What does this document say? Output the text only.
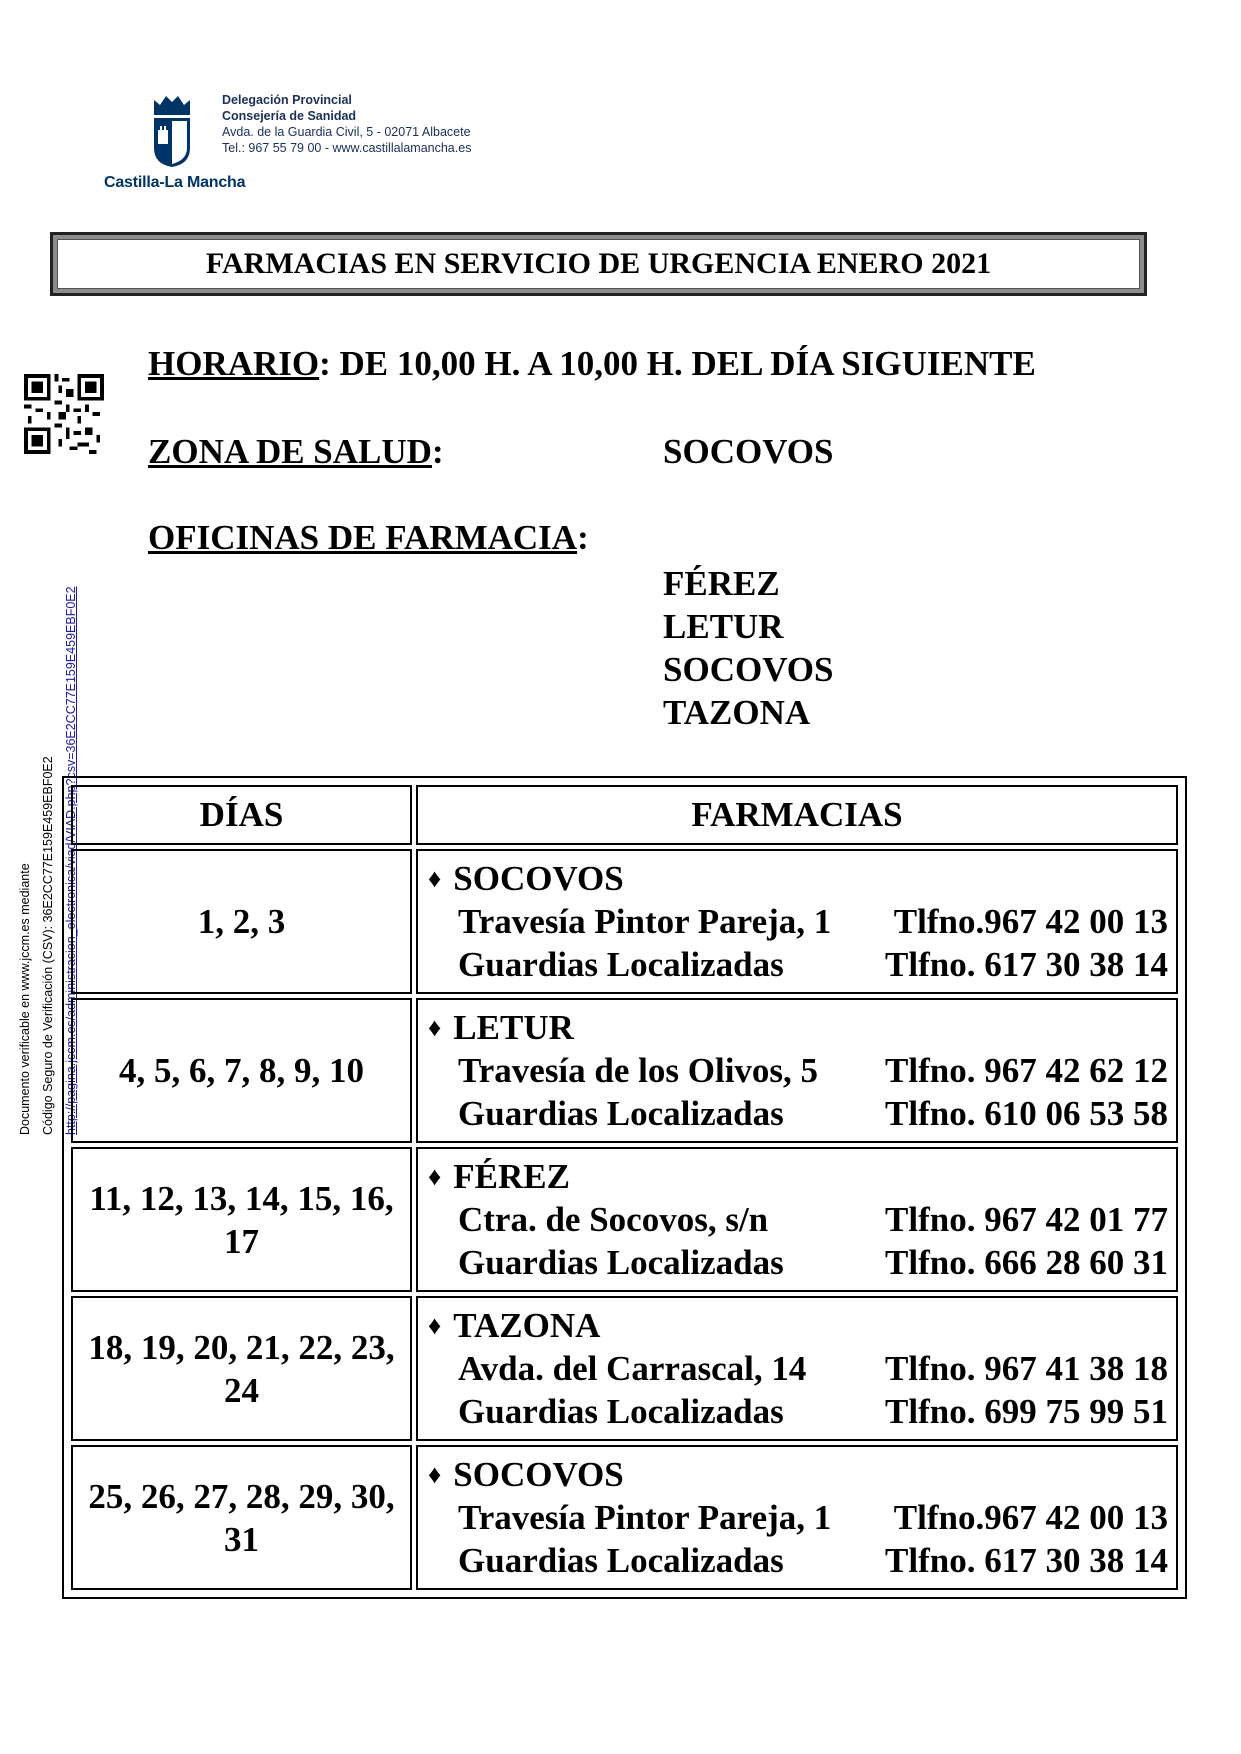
Castilla-La Mancha
Delegación Provincial
Consejería de Sanidad
Avda. de la Guardia Civil, 5 - 02071 Albacete
Tel.: 967 55 79 00 - www.castillalamancha.es
FARMACIAS EN SERVICIO DE URGENCIA ENERO 2021
Documento verificable en www.jccm.es mediante Código Seguro de Verificación (CSV): 36E2CC77E159E459EBF0E2 http://pagina.jccm.es/administracion_electronica/viad/VIAD.php?csv=36E2CC77E159E459EBF0E2
HORARIO: DE 10,00 H. A 10,00 H. DEL DÍA SIGUIENTE
ZONA DE SALUD:	SOCOVOS
OFICINAS DE FARMACIA:
FÉREZ
LETUR
SOCOVOS
TAZONA
DÍAS	FARMACIAS
1, 2, 3	♦ SOCOVOS
Travesía Pintor Pareja, 1 Tlfno.967 42 00 13
Guardias Localizadas Tlfno. 617 30 38 14

4, 5, 6, 7, 8, 9, 10	♦ LETUR
Travesía de los Olivos, 5 Tlfno. 967 42 62 12
Guardias Localizadas Tlfno. 610 06 53 58

11, 12, 13, 14, 15, 16, 17	♦ FÉREZ
Ctra. de Socovos, s/n Tlfno. 967 42 01 77
Guardias Localizadas Tlfno. 666 28 60 31

18, 19, 20, 21, 22, 23, 24	♦ TAZONA
Avda. del Carrascal, 14 Tlfno. 967 41 38 18
Guardias Localizadas Tlfno. 699 75 99 51

25, 26, 27, 28, 29, 30, 31	♦ SOCOVOS
Travesía Pintor Pareja, 1 Tlfno.967 42 00 13
Guardias Localizadas Tlfno. 617 30 38 14
